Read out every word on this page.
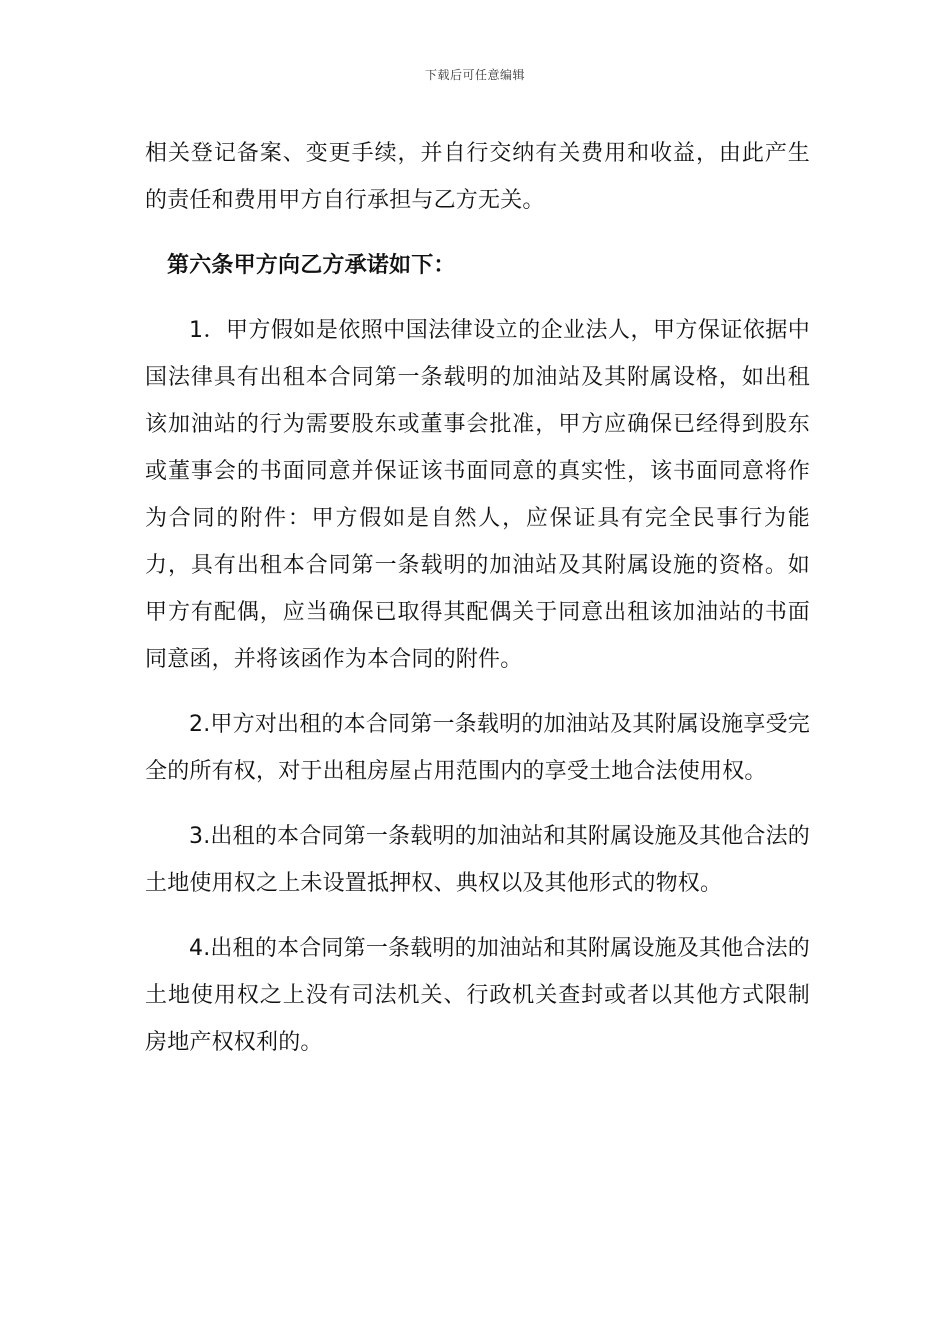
下载后可任意编辑

相关登记备案、变更手续，并自行交纳有关费用和收益，由此产生的责任和费用甲方自行承担与乙方无关。

第六条甲方向乙方承诺如下：

1．甲方假如是依照中国法律设立的企业法人，甲方保证依据中国法律具有出租本合同第一条载明的加油站及其附属设格，如出租该加油站的行为需要股东或董事会批准，甲方应确保已经得到股东或董事会的书面同意并保证该书面同意的真实性，该书面同意将作为合同的附件：甲方假如是自然人，应保证具有完全民事行为能力，具有出租本合同第一条载明的加油站及其附属设施的资格。如甲方有配偶，应当确保已取得其配偶关于同意出租该加油站的书面同意函，并将该函作为本合同的附件。

2.甲方对出租的本合同第一条载明的加油站及其附属设施享受完全的所有权，对于出租房屋占用范围内的享受土地合法使用权。

3.出租的本合同第一条载明的加油站和其附属设施及其他合法的土地使用权之上未设置抵押权、典权以及其他形式的物权。

4.出租的本合同第一条载明的加油站和其附属设施及其他合法的土地使用权之上没有司法机关、行政机关查封或者以其他方式限制房地产权权利的。
